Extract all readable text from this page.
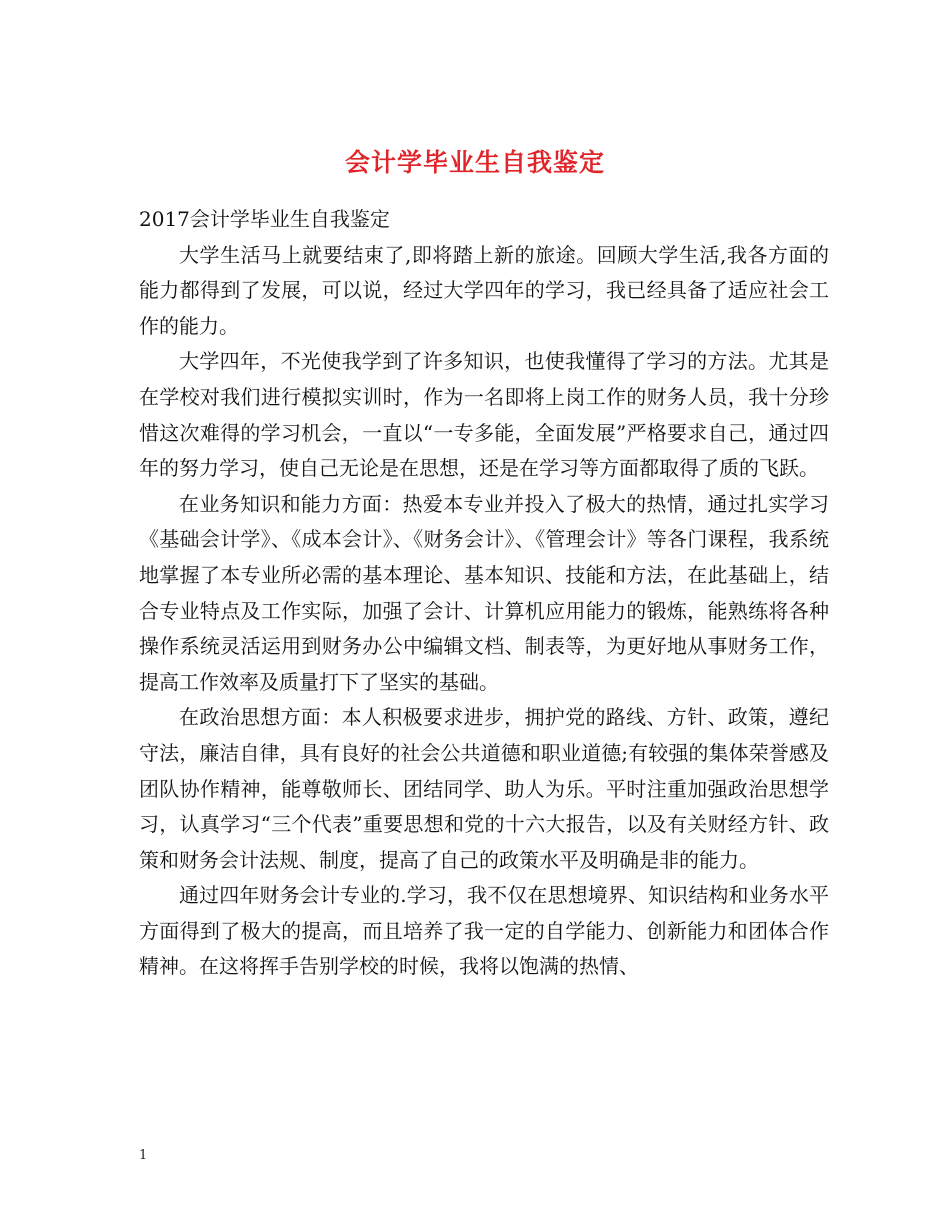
会计学毕业生自我鉴定

2017会计学毕业生自我鉴定

大学生活马上就要结束了,即将踏上新的旅途。回顾大学生活,我各方面的能力都得到了发展，可以说，经过大学四年的学习，我已经具备了适应社会工作的能力。

大学四年，不光使我学到了许多知识，也使我懂得了学习的方法。尤其是在学校对我们进行模拟实训时，作为一名即将上岗工作的财务人员，我十分珍惜这次难得的学习机会，一直以“一专多能，全面发展”严格要求自己，通过四年的努力学习，使自己无论是在思想，还是在学习等方面都取得了质的飞跃。

在业务知识和能力方面：热爱本专业并投入了极大的热情，通过扎实学习《基础会计学》、《成本会计》、《财务会计》、《管理会计》等各门课程，我系统地掌握了本专业所必需的基本理论、基本知识、技能和方法，在此基础上，结合专业特点及工作实际，加强了会计、计算机应用能力的锻炼，能熟练将各种操作系统灵活运用到财务办公中编辑文档、制表等，为更好地从事财务工作，提高工作效率及质量打下了坚实的基础。

在政治思想方面：本人积极要求进步，拥护党的路线、方针、政策，遵纪守法，廉洁自律，具有良好的社会公共道德和职业道德;有较强的集体荣誉感及团队协作精神，能尊敬师长、团结同学、助人为乐。平时注重加强政治思想学习，认真学习“三个代表”重要思想和党的十六大报告，以及有关财经方针、政策和财务会计法规、制度，提高了自己的政策水平及明确是非的能力。

通过四年财务会计专业的.学习，我不仅在思想境界、知识结构和业务水平方面得到了极大的提高，而且培养了我一定的自学能力、创新能力和团体合作精神。在这将挥手告别学校的时候，我将以饱满的热情、

1
